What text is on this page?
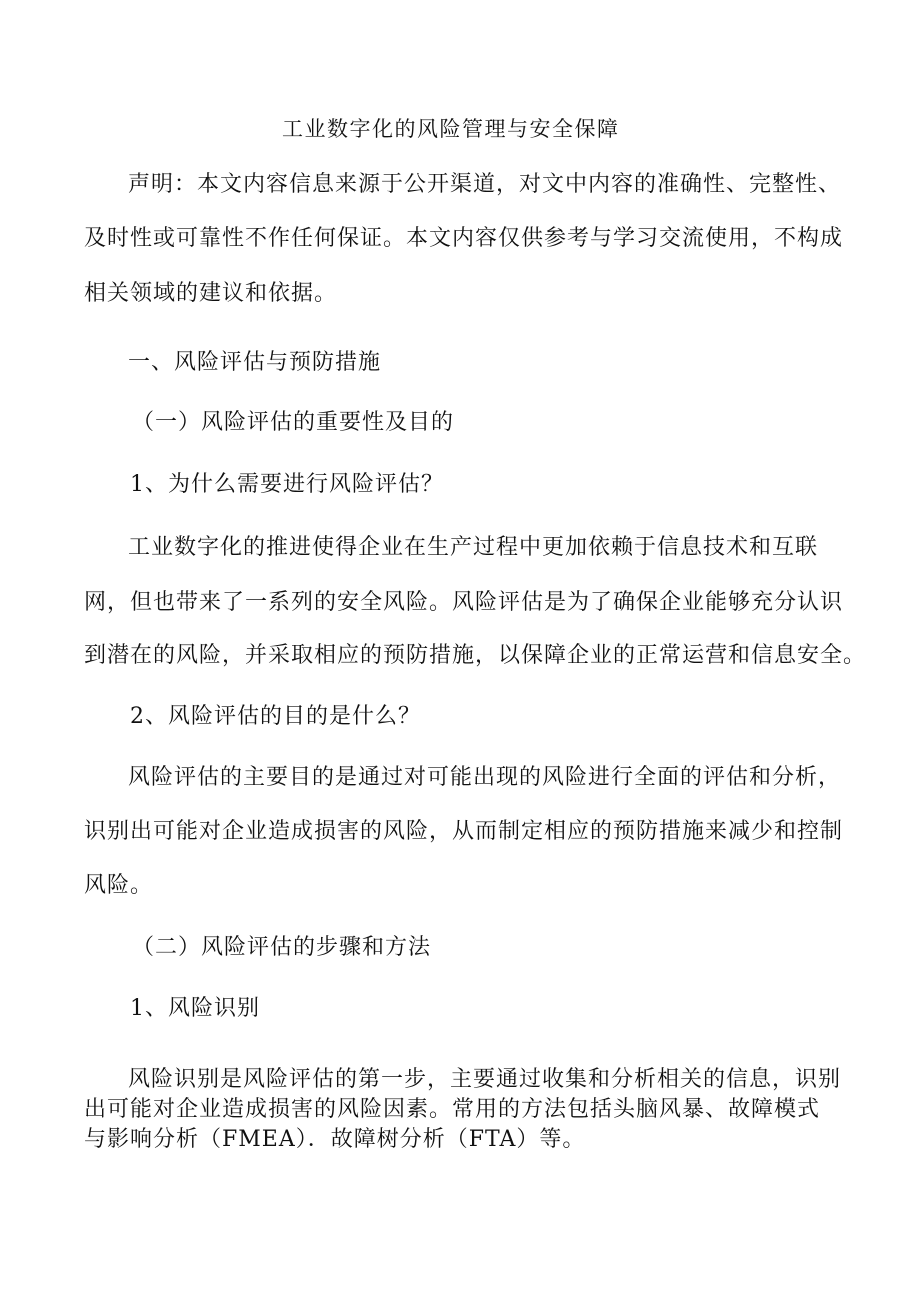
工业数字化的风险管理与安全保障
声明：本文内容信息来源于公开渠道，对文中内容的准确性、完整性、
及时性或可靠性不作任何保证。本文内容仅供参考与学习交流使用，不构成
相关领域的建议和依据。
一、风险评估与预防措施
（一）风险评估的重要性及目的
1、为什么需要进行风险评估？
工业数字化的推进使得企业在生产过程中更加依赖于信息技术和互联
网，但也带来了一系列的安全风险。风险评估是为了确保企业能够充分认识
到潜在的风险，并采取相应的预防措施，以保障企业的正常运营和信息安全。
2、风险评估的目的是什么？
风险评估的主要目的是通过对可能出现的风险进行全面的评估和分析，
识别出可能对企业造成损害的风险，从而制定相应的预防措施来减少和控制
风险。
（二）风险评估的步骤和方法
1、风险识别
风险识别是风险评估的第一步，主要通过收集和分析相关的信息，识别
出可能对企业造成损害的风险因素。常用的方法包括头脑风暴、故障模式
与影响分析（FMEA）．故障树分析（FTA）等。
